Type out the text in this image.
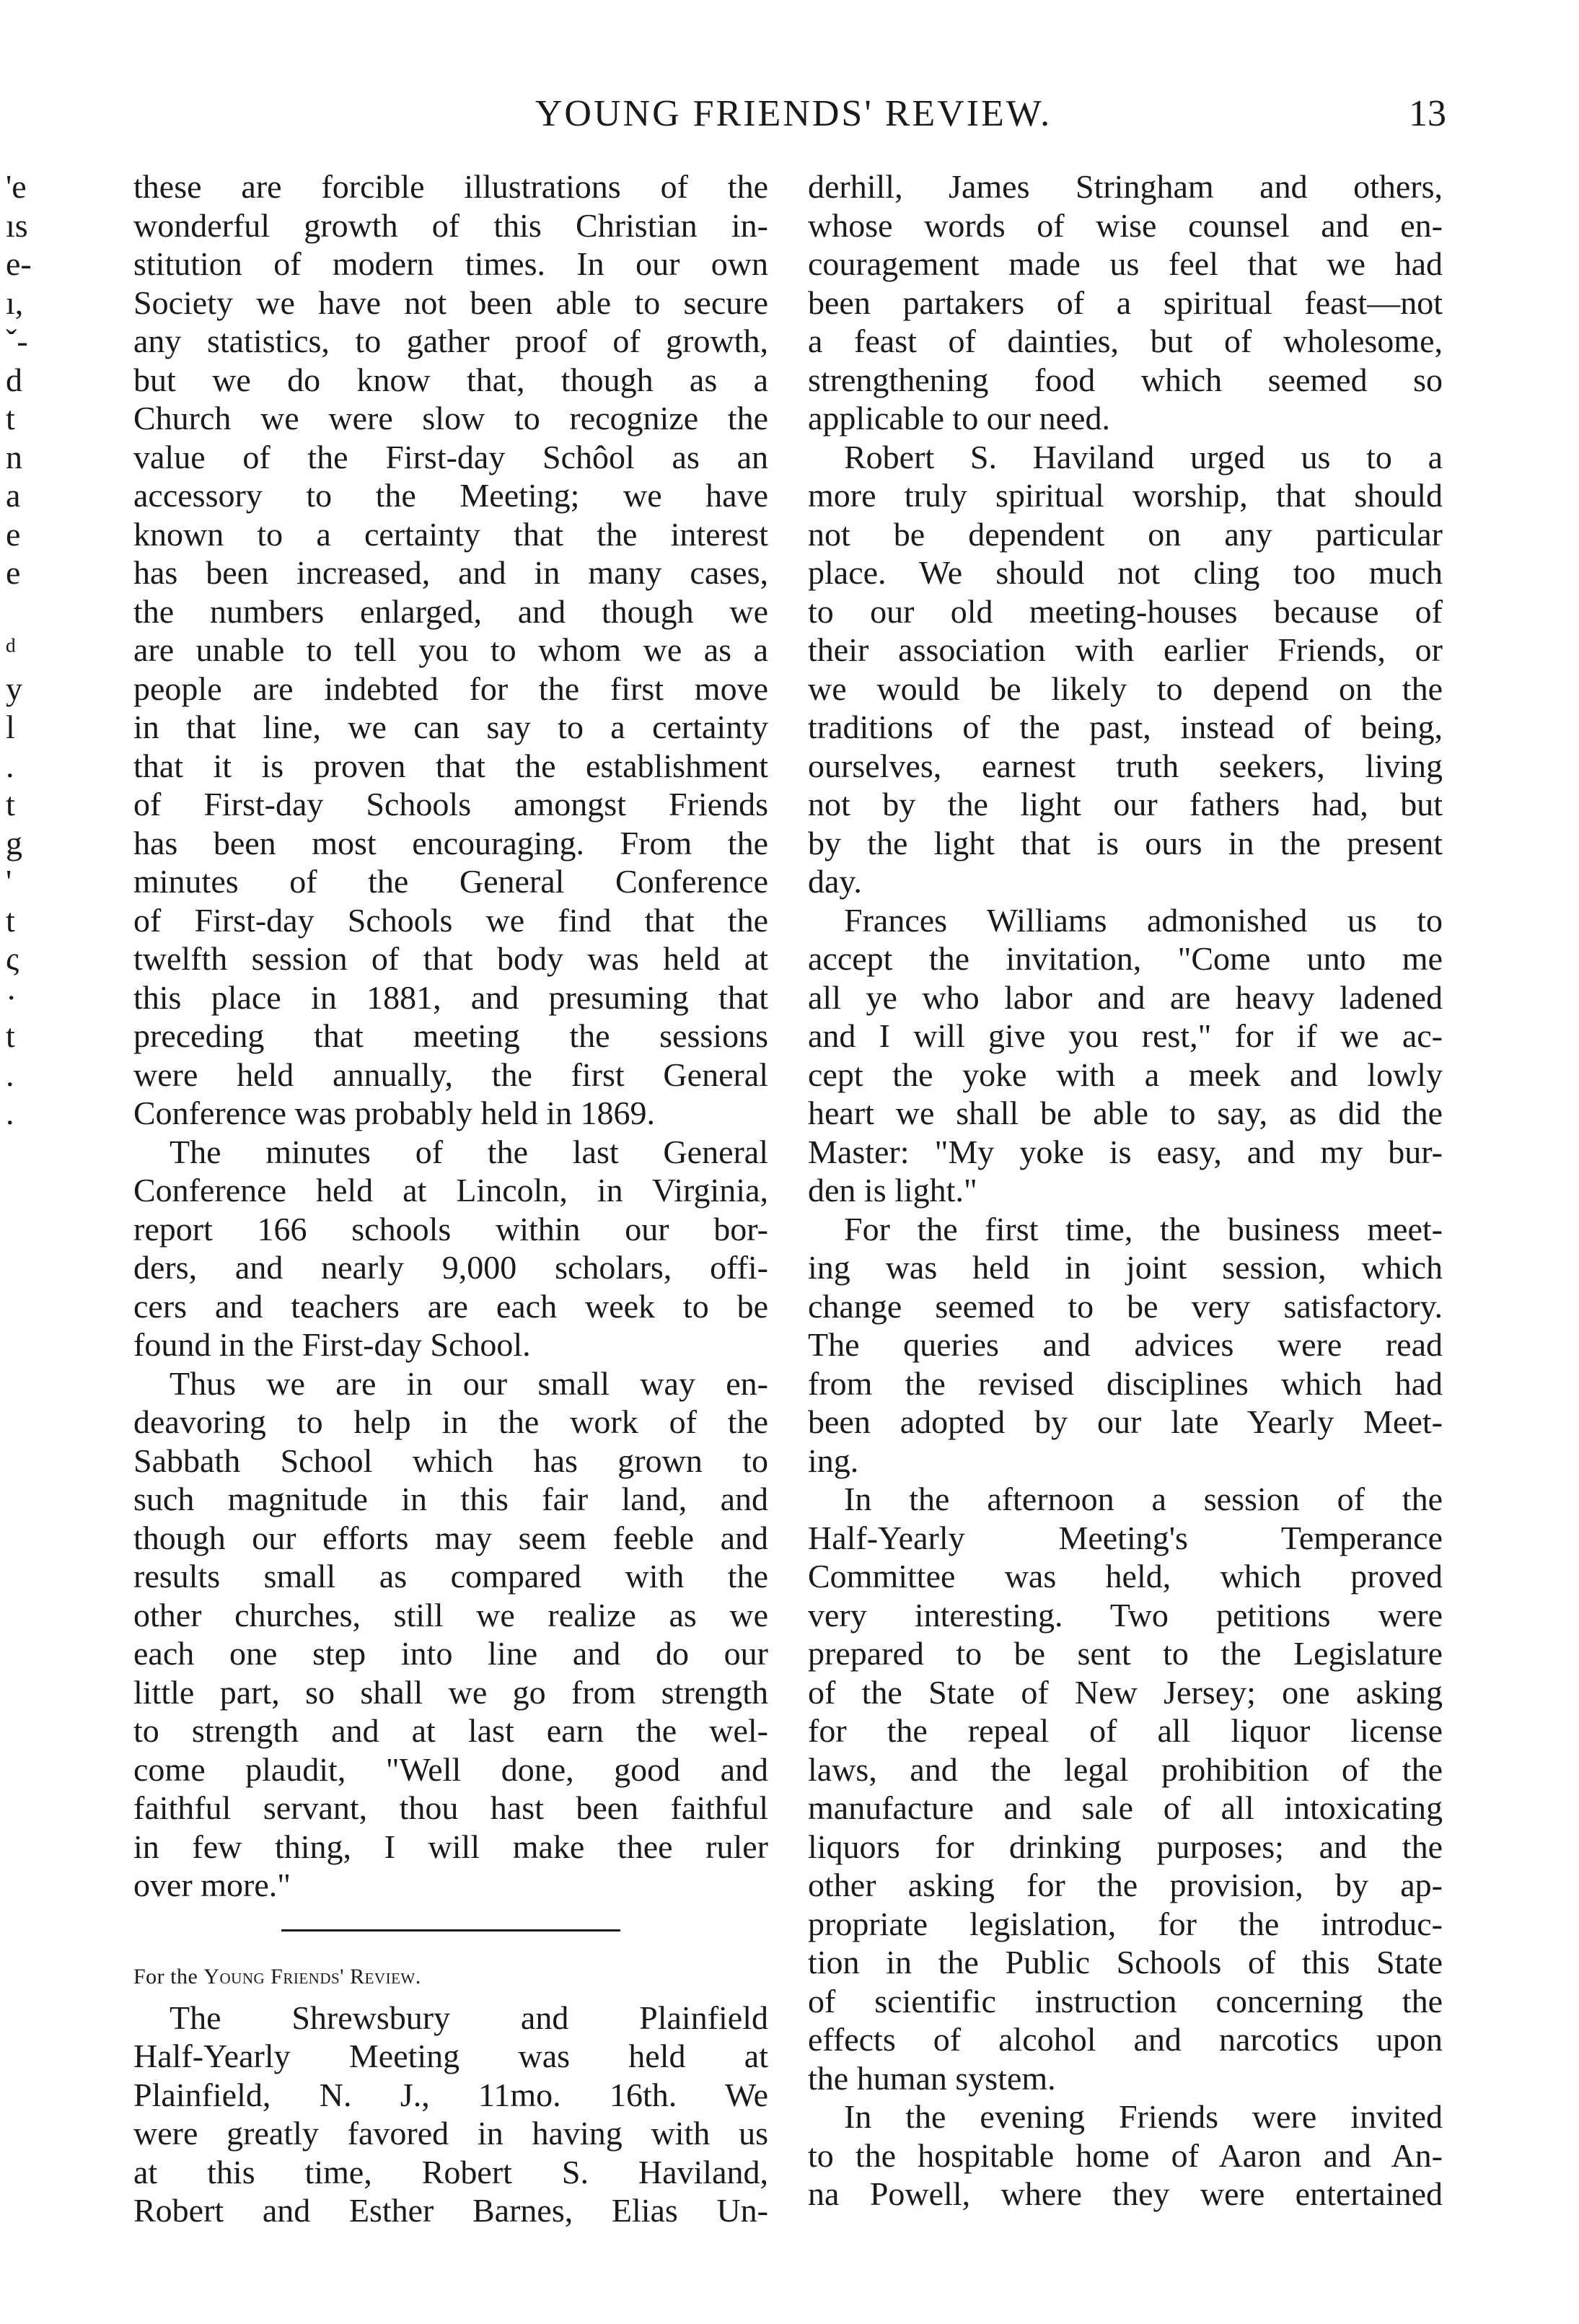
YOUNG FRIENDS' REVIEW.	13
'e
ıs
e-
ı,
ˇ-
d
t
n
a
e
e
ᵈ
y
l
.
t
g
'
t
ς
·
t
.
.

these are forcible illustrations of the
wonderful growth of this Christian in-
stitution of modern times. In our own
Society we have not been able to secure
any statistics, to gather proof of growth,
but we do know that, though as a
Church we were slow to recognize the
value of the First-day Schôol as an
accessory to the Meeting; we have
known to a certainty that the interest
has been increased, and in many cases,
the numbers enlarged, and though we
are unable to tell you to whom we as a
people are indebted for the first move
in that line, we can say to a certainty
that it is proven that the establishment
of First-day Schools amongst Friends
has been most encouraging. From the
minutes of the General Conference
of First-day Schools we find that the
twelfth session of that body was held at
this place in 1881, and presuming that
preceding that meeting the sessions
were held annually, the first General
Conference was probably held in 1869.

The minutes of the last General
Conference held at Lincoln, in Virginia,
report 166 schools within our bor-
ders, and nearly 9,000 scholars, offi-
cers and teachers are each week to be
found in the First-day School.

Thus we are in our small way en-
deavoring to help in the work of the
Sabbath School which has grown to
such magnitude in this fair land, and
though our efforts may seem feeble and
results small as compared with the
other churches, still we realize as we
each one step into line and do our
little part, so shall we go from strength
to strength and at last earn the wel-
come plaudit, "Well done, good and
faithful servant, thou hast been faithful
in few thing, I will make thee ruler
over more."

For the Young Friends' Review.

The Shrewsbury and Plainfield
Half-Yearly Meeting was held at
Plainfield, N. J., 11mo. 16th. We
were greatly favored in having with us
at this time, Robert S. Haviland,
Robert and Esther Barnes, Elias Un-

derhill, James Stringham and others,
whose words of wise counsel and en-
couragement made us feel that we had
been partakers of a spiritual feast—not
a feast of dainties, but of wholesome,
strengthening food which seemed so
applicable to our need.

Robert S. Haviland urged us to a
more truly spiritual worship, that should
not be dependent on any particular
place. We should not cling too much
to our old meeting-houses because of
their association with earlier Friends, or
we would be likely to depend on the
traditions of the past, instead of being,
ourselves, earnest truth seekers, living
not by the light our fathers had, but
by the light that is ours in the present
day.

Frances Williams admonished us to
accept the invitation, "Come unto me
all ye who labor and are heavy ladened
and I will give you rest," for if we ac-
cept the yoke with a meek and lowly
heart we shall be able to say, as did the
Master: "My yoke is easy, and my bur-
den is light."

For the first time, the business meet-
ing was held in joint session, which
change seemed to be very satisfactory.
The queries and advices were read
from the revised disciplines which had
been adopted by our late Yearly Meet-
ing.

In the afternoon a session of the
Half-Yearly Meeting's Temperance
Committee was held, which proved
very interesting. Two petitions were
prepared to be sent to the Legislature
of the State of New Jersey; one asking
for the repeal of all liquor license
laws, and the legal prohibition of the
manufacture and sale of all intoxicating
liquors for drinking purposes; and the
other asking for the provision, by ap-
propriate legislation, for the introduc-
tion in the Public Schools of this State
of scientific instruction concerning the
effects of alcohol and narcotics upon
the human system.

In the evening Friends were invited
to the hospitable home of Aaron and An-
na Powell, where they were entertained
